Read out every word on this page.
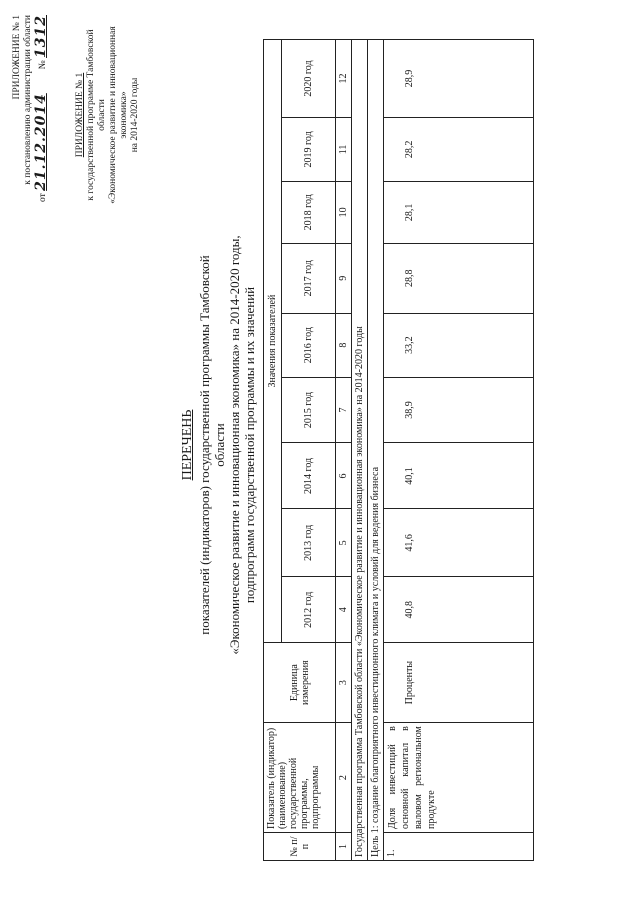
ПРИЛОЖЕНИЕ № 1 к постановлению администрации области
от 21.12.2014          № 1312
ПРИЛОЖЕНИЕ № 1 к государственной программе Тамбовской области «Экономическое развитие и инновационная экономика» на 2014-2020 годы
ПЕРЕЧЕНЬ показателей (индикаторов) государственной программы Тамбовской области «Экономическое развитие и инновационная экономика» на 2014-2020 годы, подпрограмм государственной программы и их значений
№ п/п	Показатель (индикатор) (наименование) государственной программы, подпрограммы	Единица измерения	Значения показателей								
			2012 год	2013 год	2014 год	2015 год	2016 год	2017 год	2018 год	2019 год	2020 год
1	2	3	4	5	6	7	8	9	10	11	12
Государственная программа Тамбовской области «Экономическое развитие и инновационная экономика» на 2014-2020 годы											
Цель 1: создание благоприятного инвестиционного климата и условий для ведения бизнеса											
1.	Доля инвестиций в основной капитал в валовом региональном продукте	Проценты	40,8	41,6	40,1	38,9	33,2	28,8	28,1	28,2	28,9
